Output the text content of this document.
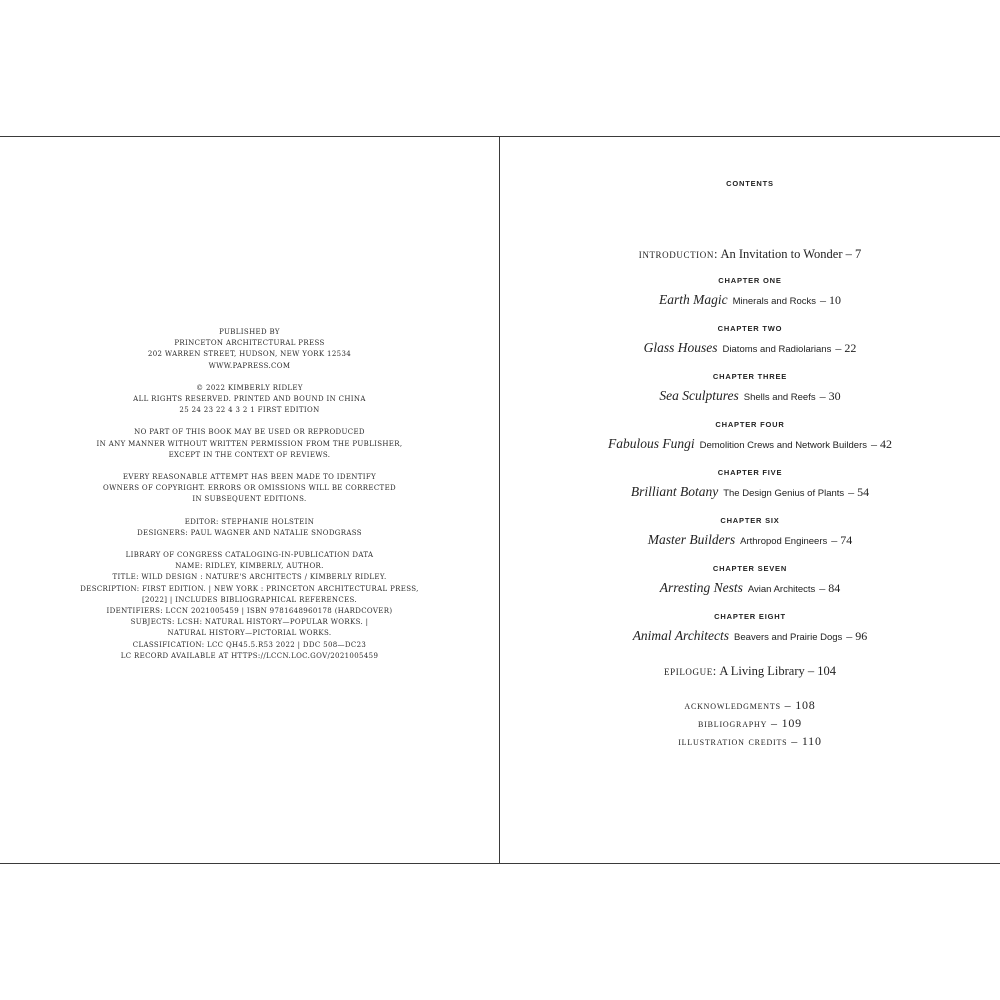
PUBLISHED BY
PRINCETON ARCHITECTURAL PRESS
202 WARREN STREET, HUDSON, NEW YORK 12534
WWW.PAPRESS.COM
© 2022 KIMBERLY RIDLEY
ALL RIGHTS RESERVED. PRINTED AND BOUND IN CHINA
25 24 23 22 4 3 2 1 FIRST EDITION
NO PART OF THIS BOOK MAY BE USED OR REPRODUCED
IN ANY MANNER WITHOUT WRITTEN PERMISSION FROM THE PUBLISHER,
EXCEPT IN THE CONTEXT OF REVIEWS.
EVERY REASONABLE ATTEMPT HAS BEEN MADE TO IDENTIFY
OWNERS OF COPYRIGHT. ERRORS OR OMISSIONS WILL BE CORRECTED
IN SUBSEQUENT EDITIONS.
EDITOR: STEPHANIE HOLSTEIN
DESIGNERS: PAUL WAGNER AND NATALIE SNODGRASS
LIBRARY OF CONGRESS CATALOGING-IN-PUBLICATION DATA
NAME: RIDLEY, KIMBERLY, AUTHOR.
TITLE: WILD DESIGN : NATURE'S ARCHITECTS / KIMBERLY RIDLEY.
DESCRIPTION: FIRST EDITION. | NEW YORK : PRINCETON ARCHITECTURAL PRESS,
[2022] | INCLUDES BIBLIOGRAPHICAL REFERENCES.
IDENTIFIERS: LCCN 2021005459 | ISBN 9781648960178 (HARDCOVER)
SUBJECTS: LCSH: NATURAL HISTORY—POPULAR WORKS. |
NATURAL HISTORY—PICTORIAL WORKS.
CLASSIFICATION: LCC QH45.5.R53 2022 | DDC 508—DC23
LC RECORD AVAILABLE AT HTTPS://LCCN.LOC.GOV/2021005459
CONTENTS
introduction: An Invitation to Wonder – 7
CHAPTER ONE
Earth Magic Minerals and Rocks – 10
CHAPTER TWO
Glass Houses Diatoms and Radiolarians – 22
CHAPTER THREE
Sea Sculptures Shells and Reefs – 30
CHAPTER FOUR
Fabulous Fungi Demolition Crews and Network Builders – 42
CHAPTER FIVE
Brilliant Botany The Design Genius of Plants – 54
CHAPTER SIX
Master Builders Arthropod Engineers – 74
CHAPTER SEVEN
Arresting Nests Avian Architects – 84
CHAPTER EIGHT
Animal Architects Beavers and Prairie Dogs – 96
epilogue: A Living Library – 104
acknowledgments – 108
bibliography – 109
illustration credits – 110
